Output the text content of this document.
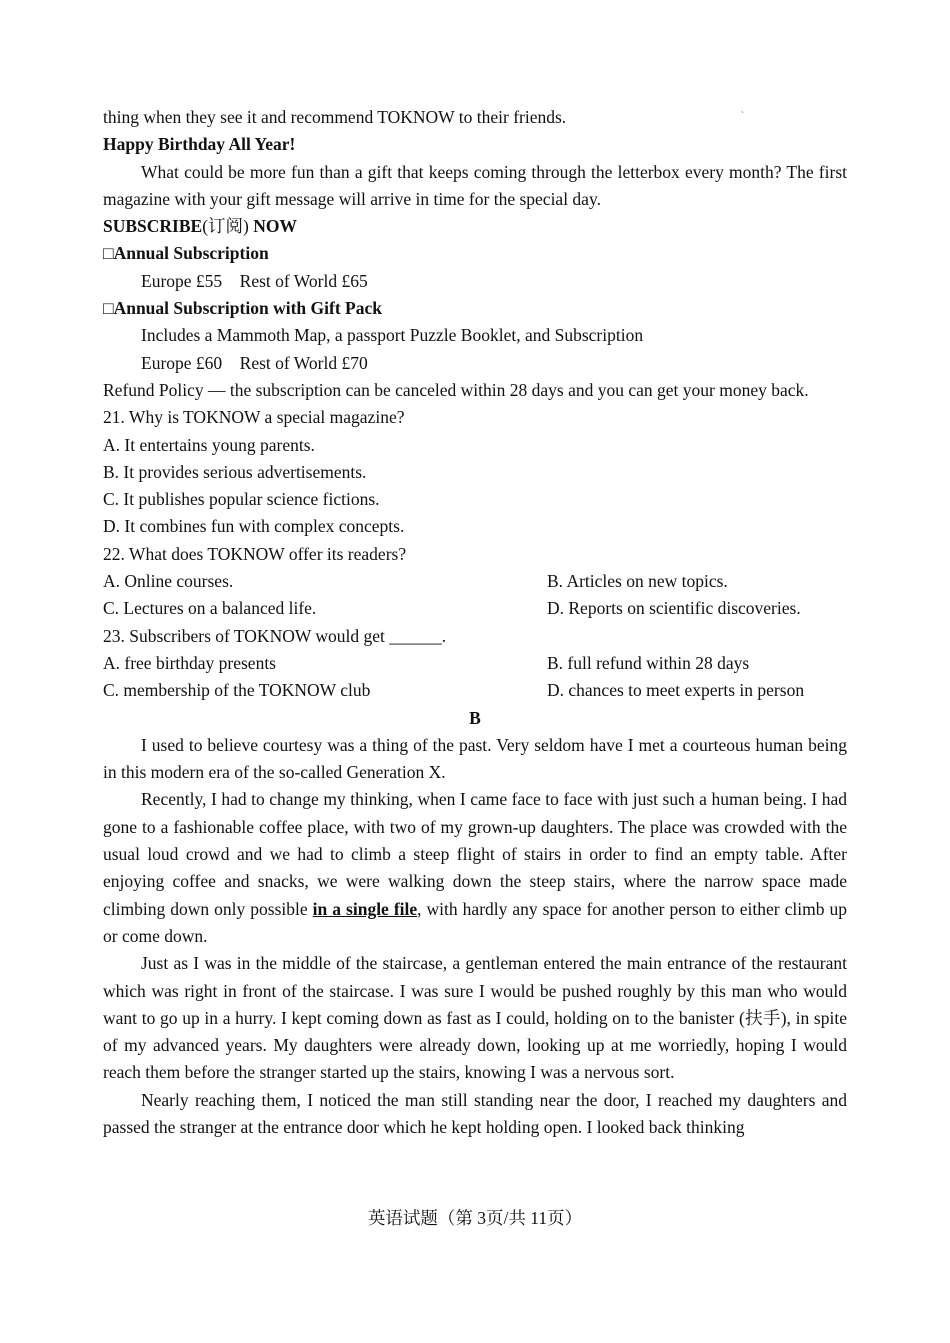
`
thing when they see it and recommend TOKNOW to their friends.
Happy Birthday All Year!
What could be more fun than a gift that keeps coming through the letterbox every month? The first magazine with your gift message will arrive in time for the special day.
SUBSCRIBE(订阅) NOW
□Annual Subscription
Europe £55 Rest of World £65
□Annual Subscription with Gift Pack
Includes a Mammoth Map, a passport Puzzle Booklet, and Subscription
Europe £60 Rest of World £70
Refund Policy — the subscription can be canceled within 28 days and you can get your money back.
21. Why is TOKNOW a special magazine?
A. It entertains young parents.
B. It provides serious advertisements.
C. It publishes popular science fictions.
D. It combines fun with complex concepts.
22. What does TOKNOW offer its readers?
A. Online courses.	B. Articles on new topics.
C. Lectures on a balanced life.	D. Reports on scientific discoveries.
23. Subscribers of TOKNOW would get ______.
A. free birthday presents	B. full refund within 28 days
C. membership of the TOKNOW club	D. chances to meet experts in person
B
I used to believe courtesy was a thing of the past. Very seldom have I met a courteous human being in this modern era of the so-called Generation X.
Recently, I had to change my thinking, when I came face to face with just such a human being. I had gone to a fashionable coffee place, with two of my grown-up daughters. The place was crowded with the usual loud crowd and we had to climb a steep flight of stairs in order to find an empty table. After enjoying coffee and snacks, we were walking down the steep stairs, where the narrow space made climbing down only possible in a single file, with hardly any space for another person to either climb up or come down.
Just as I was in the middle of the staircase, a gentleman entered the main entrance of the restaurant which was right in front of the staircase. I was sure I would be pushed roughly by this man who would want to go up in a hurry. I kept coming down as fast as I could, holding on to the banister (扶手), in spite of my advanced years. My daughters were already down, looking up at me worriedly, hoping I would reach them before the stranger started up the stairs, knowing I was a nervous sort.
Nearly reaching them, I noticed the man still standing near the door, I reached my daughters and passed the stranger at the entrance door which he kept holding open. I looked back thinking
英语试题（第 3页/共 11页）
